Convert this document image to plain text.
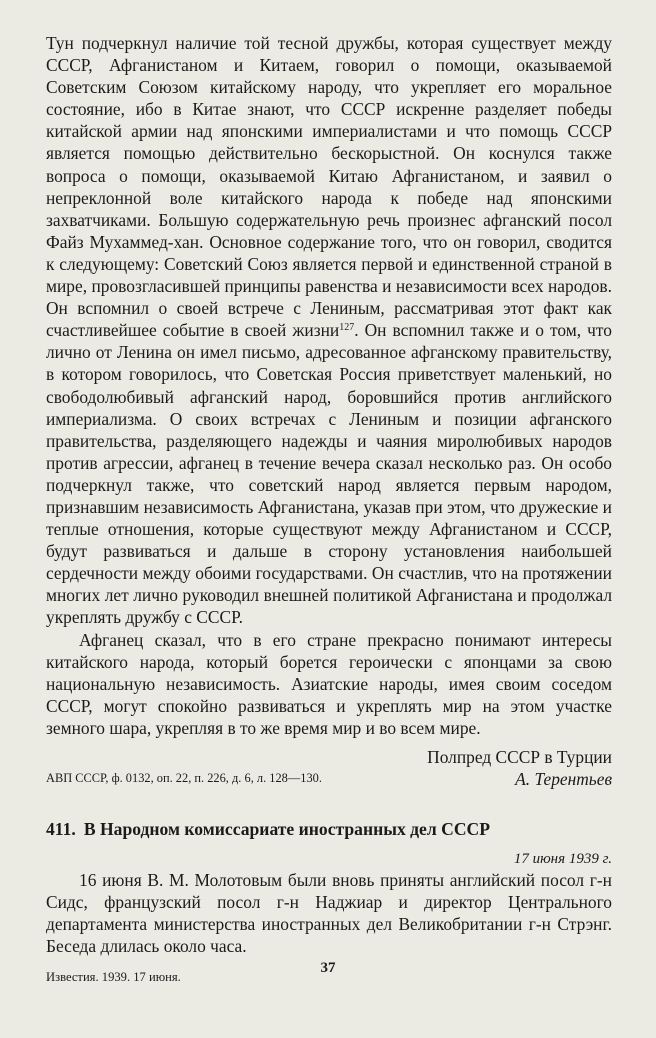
Тун подчеркнул наличие той тесной дружбы, которая существует между СССР, Афганистаном и Китаем, говорил о помощи, оказываемой Советским Союзом китайскому народу, что укрепляет его моральное состояние, ибо в Китае знают, что СССР искренне разделяет победы китайской армии над японскими империалистами и что помощь СССР является помощью действительно бескорыстной. Он коснулся также вопроса о помощи, оказываемой Китаю Афганистаном, и заявил о непреклонной воле китайского народа к победе над японскими захватчиками. Большую содержательную речь произнес афганский посол Файз Мухаммед-хан. Основное содержание того, что он говорил, сводится к следующему: Советский Союз является первой и единственной страной в мире, провозгласившей принципы равенства и независимости всех народов. Он вспомнил о своей встрече с Лениным, рассматривая этот факт как счастливейшее событие в своей жизни$^{127}$. Он вспомнил также и о том, что лично от Ленина он имел письмо, адресованное афганскому правительству, в котором говорилось, что Советская Россия приветствует маленький, но свободолюбивый афганский народ, боровшийся против английского империализма. О своих встречах с Лениным и позиции афганского правительства, разделяющего надежды и чаяния миролюбивых народов против агрессии, афганец в течение вечера сказал несколько раз. Он особо подчеркнул также, что советский народ является первым народом, признавшим независимость Афганистана, указав при этом, что дружеские и теплые отношения, которые существуют между Афганистаном и СССР, будут развиваться и дальше в сторону установления наибольшей сердечности между обоими государствами. Он счастлив, что на протяжении многих лет лично руководил внешней политикой Афганистана и продолжал укреплять дружбу с СССР.

Афганец сказал, что в его стране прекрасно понимают интересы китайского народа, который борется героически с японцами за свою национальную независимость. Азиатские народы, имея своим соседом СССР, могут спокойно развиваться и укреплять мир на этом участке земного шара, укрепляя в то же время мир и во всем мире.

Полпред СССР в Турции
А. Терентьев
АВП СССР, ф. 0132, оп. 22, п. 226, д. 6, л. 128—130.
411. В Народном комиссариате иностранных дел СССР
17 июня 1939 г.

16 июня В. М. Молотовым были вновь приняты английский посол г-н Сидс, французский посол г-н Наджиар и директор Центрального департамента министерства иностранных дел Великобритании г-н Стрэнг. Беседа длилась около часа.

Известия. 1939. 17 июня.
37
